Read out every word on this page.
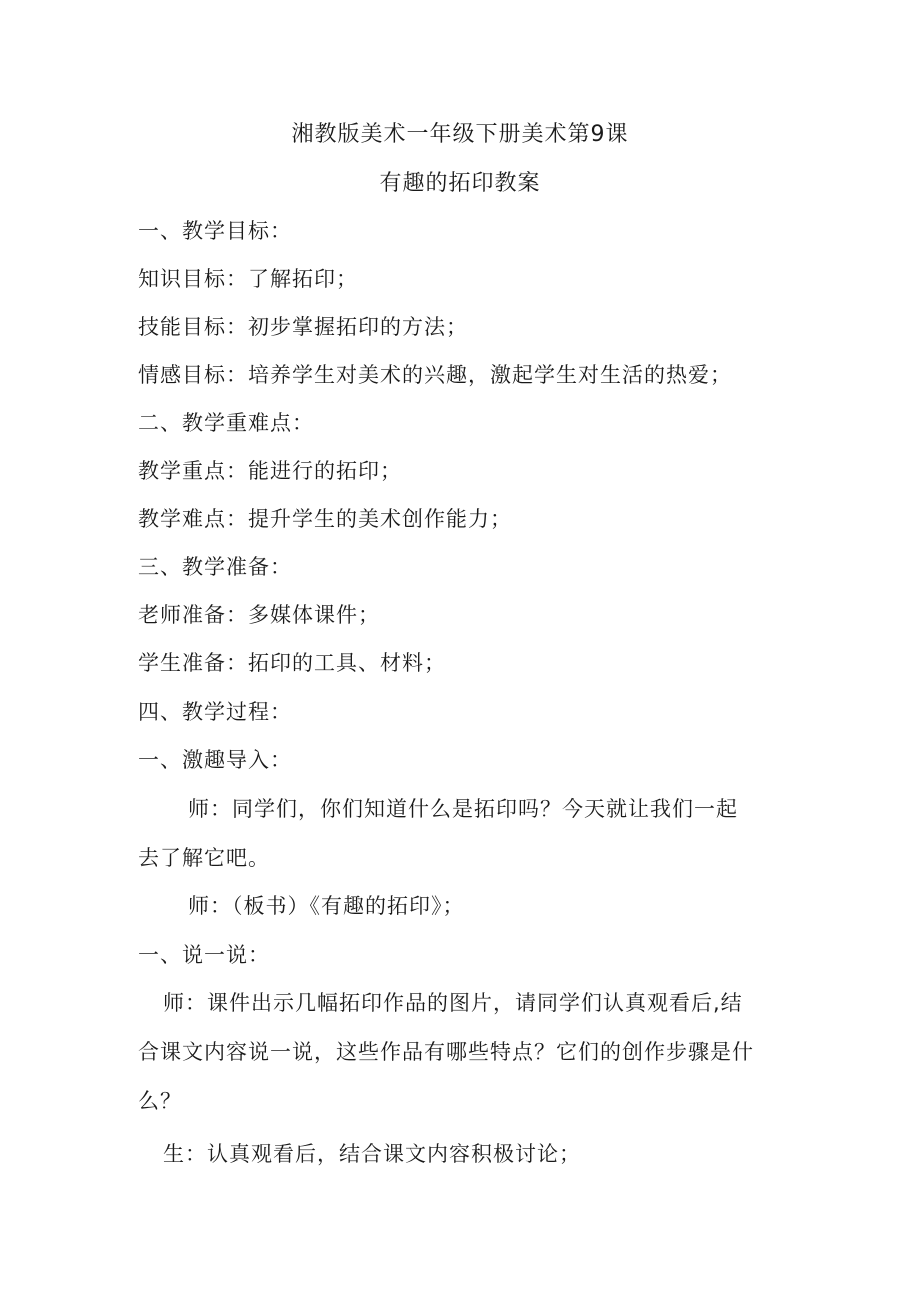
湘教版美术一年级下册美术第9课
有趣的拓印教案
一、教学目标：
知识目标：了解拓印；
技能目标：初步掌握拓印的方法；
情感目标：培养学生对美术的兴趣，激起学生对生活的热爱；
二、教学重难点：
教学重点：能进行的拓印；
教学难点：提升学生的美术创作能力；
三、教学准备：
老师准备：多媒体课件；
学生准备：拓印的工具、材料；
四、教学过程：
一、激趣导入：
师：同学们，你们知道什么是拓印吗？今天就让我们一起
去了解它吧。
师：（板书）《有趣的拓印》；
一、说一说：
师：课件出示几幅拓印作品的图片，请同学们认真观看后,结
合课文内容说一说，这些作品有哪些特点？它们的创作步骤是什
么？
生：认真观看后，结合课文内容积极讨论；
